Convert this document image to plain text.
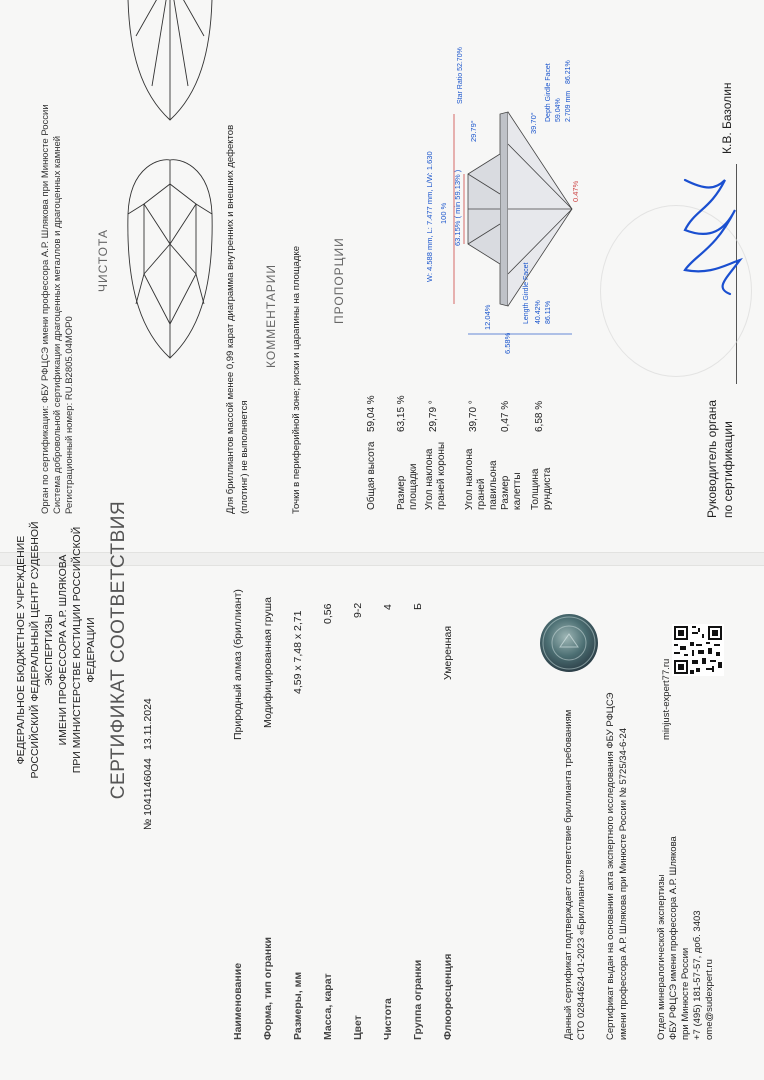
ФЕДЕРАЛЬНОЕ БЮДЖЕТНОЕ УЧРЕЖДЕНИЕ РОССИЙСКИЙ ФЕДЕРАЛЬНЫЙ ЦЕНТР СУДЕБНОЙ ЭКСПЕРТИЗЫ ИМЕНИ ПРОФЕССОРА А.Р. ШЛЯКОВА ПРИ МИНИСТЕРСТВЕ ЮСТИЦИИ РОССИЙСКОЙ ФЕДЕРАЦИИ СЕРТИФИКАТ СООТВЕТСТВИЯ № 1041146044
13.11.2024
Наименование
Природный алмаз (бриллиант)
Форма, тип огранки
Модифицированная груша
Размеры, мм
4,59 х 7,48 х 2,71
Масса, карат
0,56
Цвет
9-2
Чистота
4
Группа огранки
Б
Флюоресценция
Умеренная
Данный сертификат подтверждает соответствие бриллианта требованиям СТО 02844624-01-2023 «Бриллианты» Сертификат выдан на основании акта экспертного исследования ФБУ РФЦСЭ имени профессора А.Р. Шлякова при Минюсте России № 5725/34-6-24	Отдел минералогической экспертизы ФБУ РФЦСЭ имени профессора А.Р. Шлякова при Минюсте России +7 (495) 181-57-57, доб. 3403 ome@sudexpert.ru
minjust-expert77.ru
Орган по сертификации: ФБУ РФЦСЭ имени профессора А.Р. Шлякова при Минюсте России Система добровольной сертификации драгоценных металлов и драгоценных камней Регистрационный номер: RU.B2805.04МОР0
ЧИСТОТА	Для бриллиантов массой менее 0,99 карат диаграмма внутренних и внешних дефектов (плотинг) не выполняется
КОММЕНТАРИИ Точки в периферийной зоне; риски и царапины на площадке	ПРОПОРЦИИ
Общая высота
59,04 %
Размер площадки
63,15 %
Угол наклона граней короны
29,79 °
Угол наклона граней павильона
39,70 °
Размер калетты
0,47 %
Толщина рундиста
6,58 %
W: 4.588 mm, L: 7.477 mm, L/W: 1.630 100 % 63.15% ( min 59.13% )
29.79°
Star Ratio 52.70%
12.04%
6.58%
Length Girdle Facet 40.42% 86.11%
39.70°
Depth Girdle Facet 59.04% 2.709 mm
86.21%
0.47%
Руководитель органа по сертификации
К.В. Базолин
